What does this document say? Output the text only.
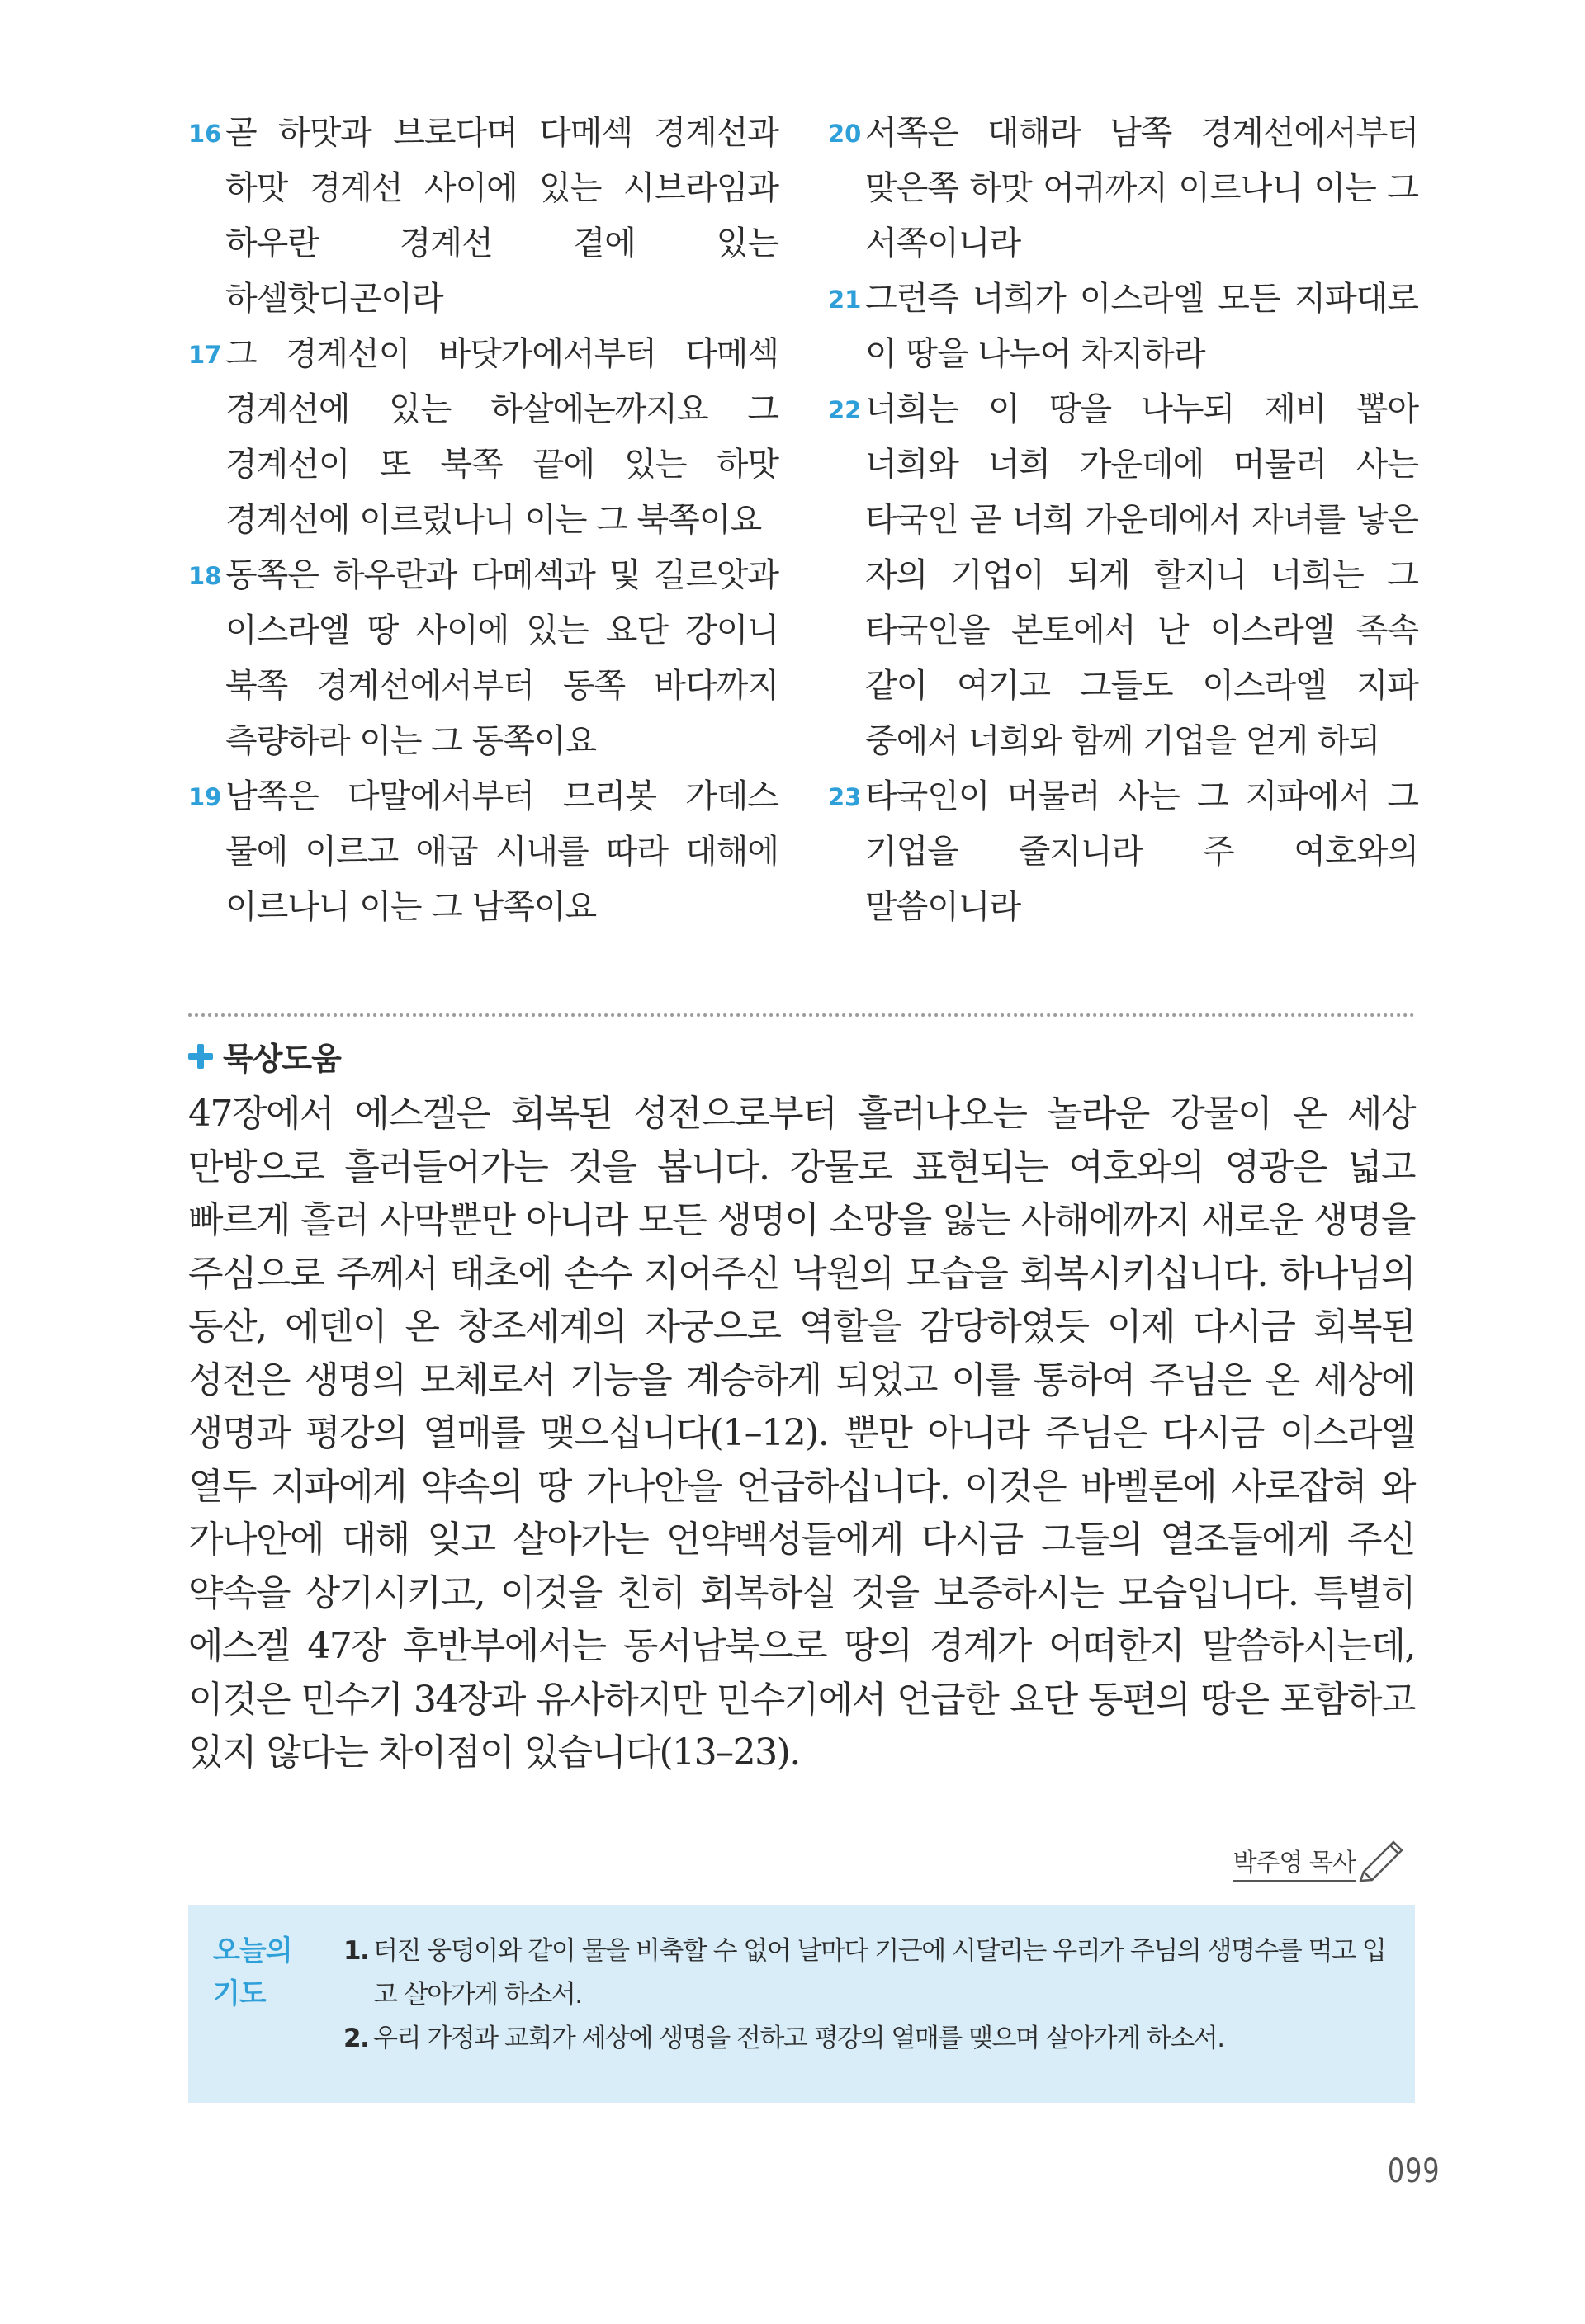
16 곧 하맛과 브로다며 다메섹 경계선과 하맛 경계선 사이에 있는 시브라임과 하우란 경계선 곁에 있는 하셀핫디곤이라
17 그 경계선이 바닷가에서부터 다메섹 경계선에 있는 하살에논까지요 그 경계선이 또 북쪽 끝에 있는 하맛 경계선에 이르렀나니 이는 그 북쪽이요
18 동쪽은 하우란과 다메섹과 및 길르앗과 이스라엘 땅 사이에 있는 요단 강이니 북쪽 경계선에서부터 동쪽 바다까지 측량하라 이는 그 동쪽이요
19 남쪽은 다말에서부터 므리봇 가데스 물에 이르고 애굽 시내를 따라 대해에 이르나니 이는 그 남쪽이요
20 서쪽은 대해라 남쪽 경계선에서부터 맞은쪽 하맛 어귀까지 이르나니 이는 그 서쪽이니라
21 그런즉 너희가 이스라엘 모든 지파대로 이 땅을 나누어 차지하라
22 너희는 이 땅을 나누되 제비 뽑아 너희와 너희 가운데에 머물러 사는 타국인 곧 너희 가운데에서 자녀를 낳은 자의 기업이 되게 할지니 너희는 그 타국인을 본토에서 난 이스라엘 족속 같이 여기고 그들도 이스라엘 지파 중에서 너희와 함께 기업을 얻게 하되
23 타국인이 머물러 사는 그 지파에서 그 기업을 줄지니라 주 여호와의 말씀이니라
묵상도움
47장에서 에스겔은 회복된 성전으로부터 흘러나오는 놀라운 강물이 온 세상 만방으로 흘러들어가는 것을 봅니다. 강물로 표현되는 여호와의 영광은 넓고 빠르게 흘러 사막뿐만 아니라 모든 생명이 소망을 잃는 사해에까지 새로운 생명을 주심으로 주께서 태초에 손수 지어주신 낙원의 모습을 회복시키십니다. 하나님의 동산, 에덴이 온 창조세계의 자궁으로 역할을 감당하였듯 이제 다시금 회복된 성전은 생명의 모체로서 기능을 계승하게 되었고 이를 통하여 주님은 온 세상에 생명과 평강의 열매를 맺으십니다(1–12). 뿐만 아니라 주님은 다시금 이스라엘 열두 지파에게 약속의 땅 가나안을 언급하십니다. 이것은 바벨론에 사로잡혀 와 가나안에 대해 잊고 살아가는 언약백성들에게 다시금 그들의 열조들에게 주신 약속을 상기시키고, 이것을 친히 회복하실 것을 보증하시는 모습입니다. 특별히 에스겔 47장 후반부에서는 동서남북으로 땅의 경계가 어떠한지 말씀하시는데, 이것은 민수기 34장과 유사하지만 민수기에서 언급한 요단 동편의 땅은 포함하고 있지 않다는 차이점이 있습니다(13–23).
박주영 목사
오늘의
기도
1. 터진 웅덩이와 같이 물을 비축할 수 없어 날마다 기근에 시달리는 우리가 주님의 생명수를 먹고 입고 살아가게 하소서.
2. 우리 가정과 교회가 세상에 생명을 전하고 평강의 열매를 맺으며 살아가게 하소서.
099
